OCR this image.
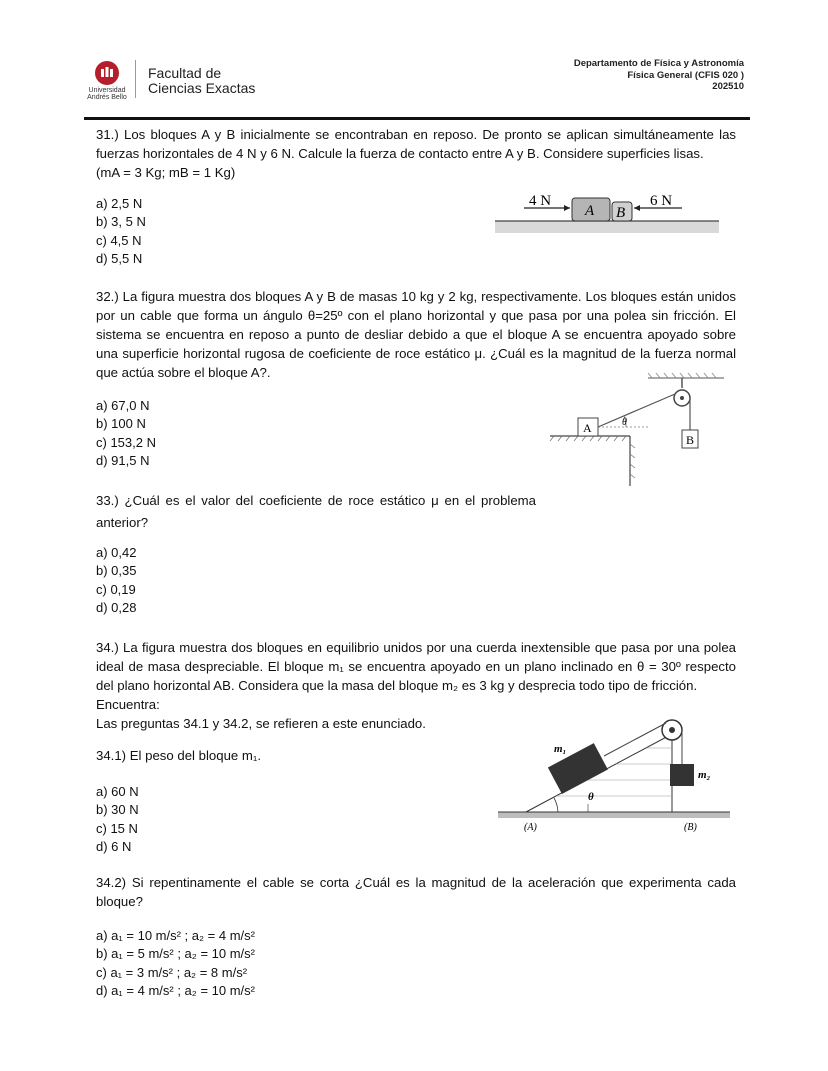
Universidad
Andrés Bello
Facultad de
Ciencias Exactas
Departamento de Física y Astronomía
Física General (CFIS 020 )
202510
31.) Los bloques A y B inicialmente se encontraban en reposo. De pronto se aplican simultáneamente las fuerzas horizontales de 4 N y 6 N. Calcule la fuerza de contacto entre A y B. Considere superficies lisas.
(mA = 3 Kg; mB = 1 Kg)
a) 2,5 N
b) 3, 5 N
c) 4,5 N
d) 5,5 N
A B
4 N	6 N
32.) La figura muestra dos bloques A y B de masas 10 kg y 2 kg, respectivamente. Los bloques están unidos por un cable que forma un ángulo θ=25º con el plano horizontal y que pasa por una polea sin fricción. El sistema se encuentra en reposo a punto de desliar debido a que el bloque A se encuentra apoyado sobre una superficie horizontal rugosa de coeficiente de roce estático μ. ¿Cuál es la magnitud de la fuerza normal que actúa sobre el bloque A?.
a) 67,0 N
b) 100 N
c) 153,2 N
d) 91,5 N
A	θ
B
33.) ¿Cuál es el valor del coeficiente de roce estático μ en el problema anterior?
a) 0,42
b) 0,35
c) 0,19
d) 0,28
34.) La figura muestra dos bloques en equilibrio unidos por una cuerda inextensible que pasa por una polea ideal de masa despreciable. El bloque m₁ se encuentra apoyado en un plano inclinado en θ = 30º respecto del plano horizontal AB. Considera que la masa del bloque m₂ es 3 kg y desprecia todo tipo de fricción.
Encuentra:
Las preguntas 34.1 y 34.2, se refieren a este enunciado.
34.1) El peso del bloque m₁.
a) 60 N
b) 30 N
c) 15 N
d) 6 N
m₁
m₂
θ
(A)	(B)
34.2) Si repentinamente el cable se corta ¿Cuál es la magnitud de la aceleración que experimenta cada bloque?
a) a₁ = 10 m/s² ; a₂ = 4 m/s²
b) a₁ = 5 m/s² ; a₂ = 10 m/s²
c) a₁ = 3 m/s² ; a₂ = 8 m/s²
d) a₁ = 4 m/s² ; a₂ = 10 m/s²
